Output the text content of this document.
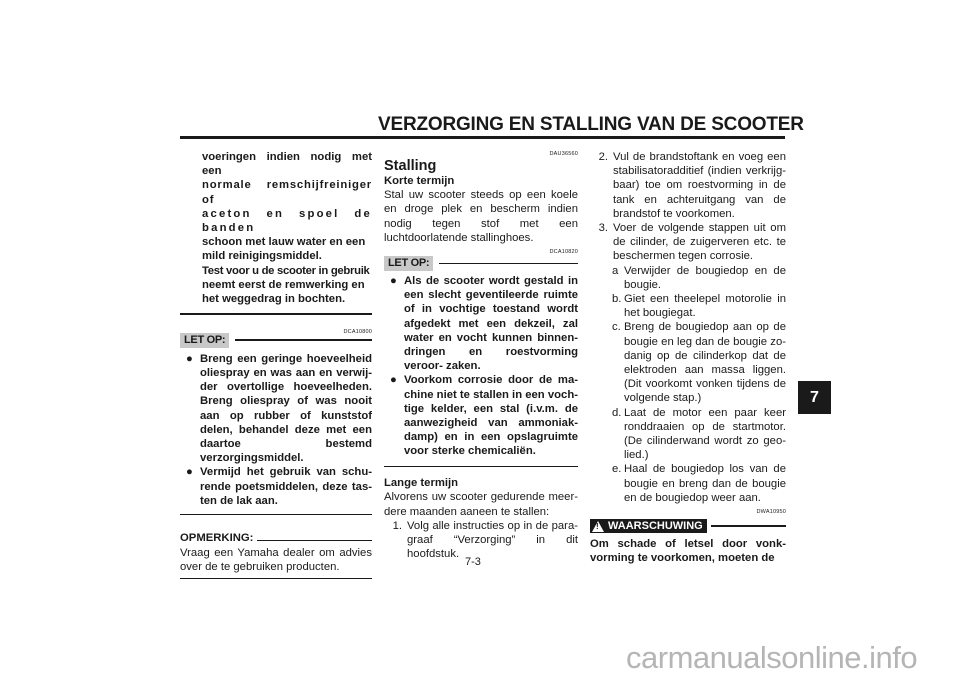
VERZORGING EN STALLING VAN DE SCOOTER
voeringen indien nodig met een
normale remschijfreiniger of
aceton en spoel de banden
schoon met lauw water en een
mild reinigingsmiddel.
Test voor u de scooter in gebruik
neemt eerst de remwerking en
het weggedrag in bochten.
DCA10800
LET OP:
● Breng een geringe hoeveelheid oliespray en was aan en verwij- der overtollige hoeveelheden. Breng oliespray of was nooit aan op rubber of kunststof delen, behandel deze met een daartoe bestemd verzorgingsmiddel.
● Vermijd het gebruik van schu- rende poetsmiddelen, deze tas- ten de lak aan.
OPMERKING:
Vraag een Yamaha dealer om advies over de te gebruiken producten.
DAU36560
Stalling
Korte termijn
Stal uw scooter steeds op een koele en droge plek en bescherm indien nodig tegen stof met een luchtdoorlatende stallinghoes.
DCA10820
LET OP:
● Als de scooter wordt gestald in een slecht geventileerde ruimte of in vochtige toestand wordt afgedekt met een dekzeil, zal water en vocht kunnen binnen- dringen en roestvorming veroor- zaken.
● Voorkom corrosie door de ma- chine niet te stallen in een voch- tige kelder, een stal (i.v.m. de aanwezigheid van ammoniak- damp) en in een opslagruimte voor sterke chemicaliën.
Lange termijn
Alvorens uw scooter gedurende meer- dere maanden aaneen te stallen:
1. Volg alle instructies op in de para- graaf “Verzorging” in dit hoofdstuk.
2. Vul de brandstoftank en voeg een stabilisatoradditief (indien verkrijg- baar) toe om roestvorming in de tank en achteruitgang van de brandstof te voorkomen.
3. Voer de volgende stappen uit om de cilinder, de zuigerveren etc. te beschermen tegen corrosie.
a Verwijder de bougiedop en de bougie.
b. Giet een theelepel motorolie in het bougiegat.
c. Breng de bougiedop aan op de bougie en leg dan de bougie zo- danig op de cilinderkop dat de elektroden aan massa liggen. (Dit voorkomt vonken tijdens de volgende stap.)
d. Laat de motor een paar keer ronddraaien op de startmotor. (De cilinderwand wordt zo geo- lied.)
e. Haal de bougiedop los van de bougie en breng dan de bougie en de bougiedop weer aan.
DWA10950
! WAARSCHUWING
Om schade of letsel door vonk- vorming te voorkomen, moeten de
7-3
7
carmanualsonline.info
